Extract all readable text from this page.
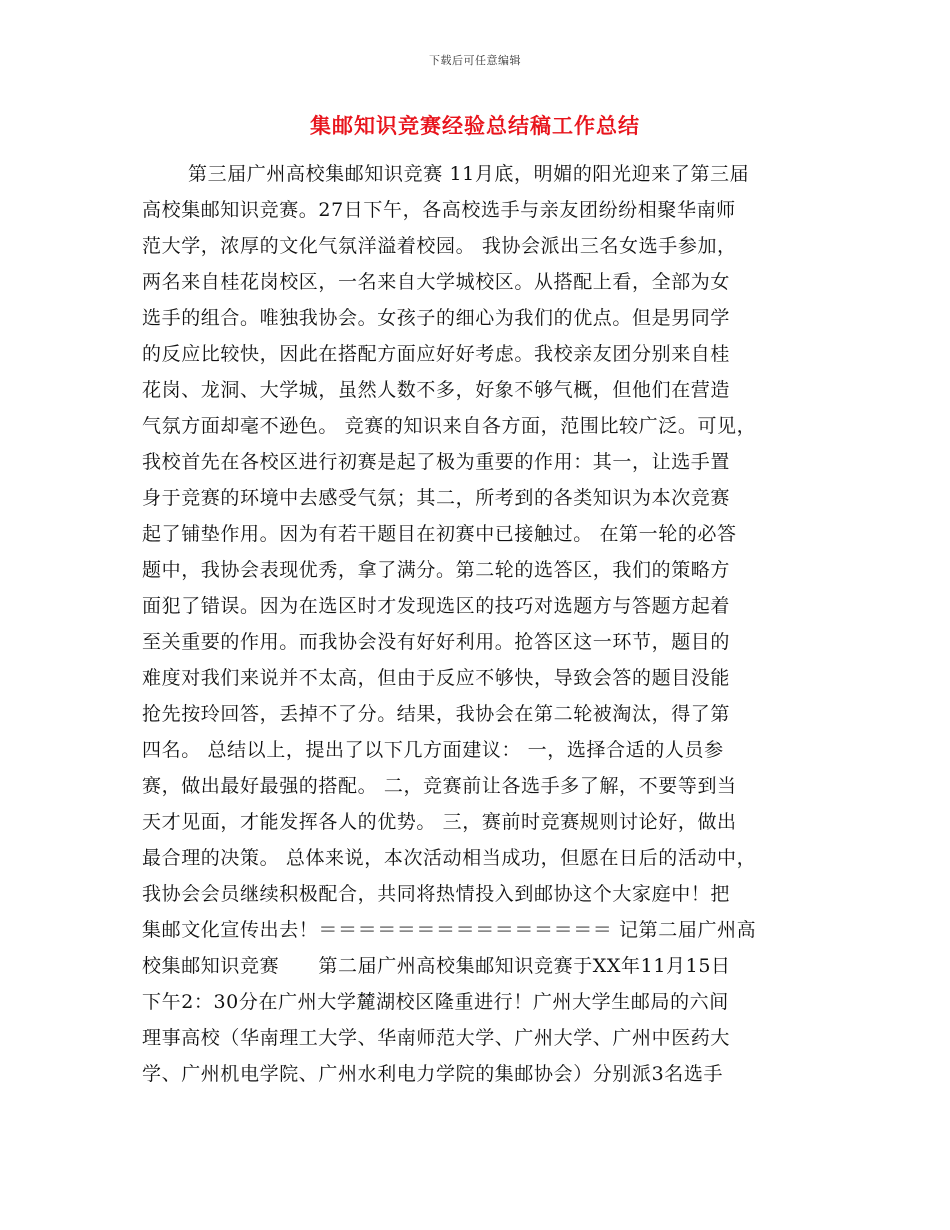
下载后可任意编辑
集邮知识竞赛经验总结稿工作总结
第三届广州高校集邮知识竞赛 11月底，明媚的阳光迎来了第三届
高校集邮知识竞赛。27日下午，各高校选手与亲友团纷纷相聚华南师
范大学，浓厚的文化气氛洋溢着校园。 我协会派出三名女选手参加，
两名来自桂花岗校区，一名来自大学城校区。从搭配上看，全部为女
选手的组合。唯独我协会。女孩子的细心为我们的优点。但是男同学
的反应比较快，因此在搭配方面应好好考虑。我校亲友团分别来自桂
花岗、龙洞、大学城，虽然人数不多，好象不够气概，但他们在营造
气氛方面却毫不逊色。 竞赛的知识来自各方面，范围比较广泛。可见，
我校首先在各校区进行初赛是起了极为重要的作用：其一，让选手置
身于竞赛的环境中去感受气氛；其二，所考到的各类知识为本次竞赛
起了铺垫作用。因为有若干题目在初赛中已接触过。 在第一轮的必答
题中，我协会表现优秀，拿了满分。第二轮的选答区，我们的策略方
面犯了错误。因为在选区时才发现选区的技巧对选题方与答题方起着
至关重要的作用。而我协会没有好好利用。抢答区这一环节，题目的
难度对我们来说并不太高，但由于反应不够快，导致会答的题目没能
抢先按玲回答，丢掉不了分。结果，我协会在第二轮被淘汰，得了第
四名。 总结以上，提出了以下几方面建议： 一，选择合适的人员参
赛，做出最好最强的搭配。 二，竞赛前让各选手多了解，不要等到当
天才见面，才能发挥各人的优势。 三，赛前时竞赛规则讨论好，做出
最合理的决策。 总体来说，本次活动相当成功，但愿在日后的活动中，
我协会会员继续积极配合，共同将热情投入到邮协这个大家庭中！把
集邮文化宣传出去！＝＝＝＝＝＝＝＝＝＝＝＝＝＝＝ 记第二届广州高
校集邮知识竞赛　　第二届广州高校集邮知识竞赛于XX年11月15日
下午2：30分在广州大学麓湖校区隆重进行！广州大学生邮局的六间
理事高校（华南理工大学、华南师范大学、广州大学、广州中医药大
学、广州机电学院、广州水利电力学院的集邮协会）分别派3名选手
